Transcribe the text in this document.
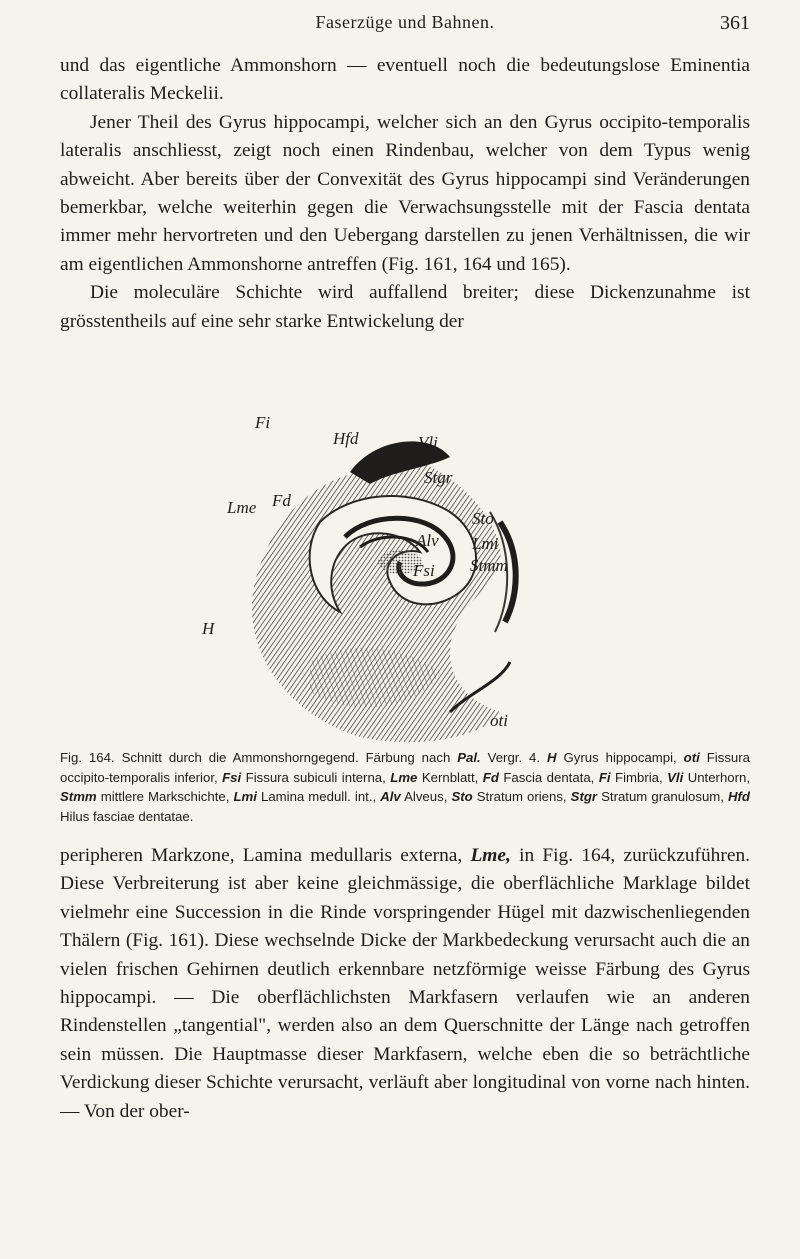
Faserzüge und Bahnen.	361

und das eigentliche Ammonshorn — eventuell noch die bedeutungslose Eminentia collateralis Meckelii.

Jener Theil des Gyrus hippocampi, welcher sich an den Gyrus occipito-temporalis lateralis anschliesst, zeigt noch einen Rindenbau, welcher von dem Typus wenig abweicht. Aber bereits über der Convexität des Gyrus hippocampi sind Veränderungen bemerkbar, welche weiterhin gegen die Verwachsungsstelle mit der Fascia dentata immer mehr hervortreten und den Uebergang darstellen zu jenen Verhältnissen, die wir am eigentlichen Ammonshorne antreffen (Fig. 161, 164 und 165).

Die moleculäre Schichte wird auffallend breiter; diese Dickenzunahme ist grösstentheils auf eine sehr starke Entwickelung der

Fi
Hfd	Vli
Stgr
Lme Fd
Sto
Alv Lmi
Stmm
Fsi
H
oti
Fig. 164. Schnitt durch die Ammonshorngegend. Färbung nach Pal. Vergr. 4. H Gyrus hippocampi, oti Fissura occipito-temporalis inferior, Fsi Fissura subiculi interna, Lme Kernblatt, Fd Fascia dentata, Fi Fimbria, Vli Unterhorn, Stmm mittlere Markschichte, Lmi Lamina medull. int., Alv Alveus, Sto Stratum oriens, Stgr Stratum granulosum, Hfd Hilus fasciae dentatae.

peripheren Markzone, Lamina medullaris externa, Lme, in Fig. 164, zurückzuführen. Diese Verbreiterung ist aber keine gleichmässige, die oberflächliche Marklage bildet vielmehr eine Succession in die Rinde vorspringender Hügel mit dazwischenliegenden Thälern (Fig. 161). Diese wechselnde Dicke der Markbedeckung verursacht auch die an vielen frischen Gehirnen deutlich erkennbare netzförmige weisse Färbung des Gyrus hippocampi. — Die oberflächlichsten Markfasern verlaufen wie an anderen Rindenstellen „tangential", werden also an dem Querschnitte der Länge nach getroffen sein müssen. Die Hauptmasse dieser Markfasern, welche eben die so beträchtliche Verdickung dieser Schichte verursacht, verläuft aber longitudinal von vorne nach hinten. — Von der ober-
